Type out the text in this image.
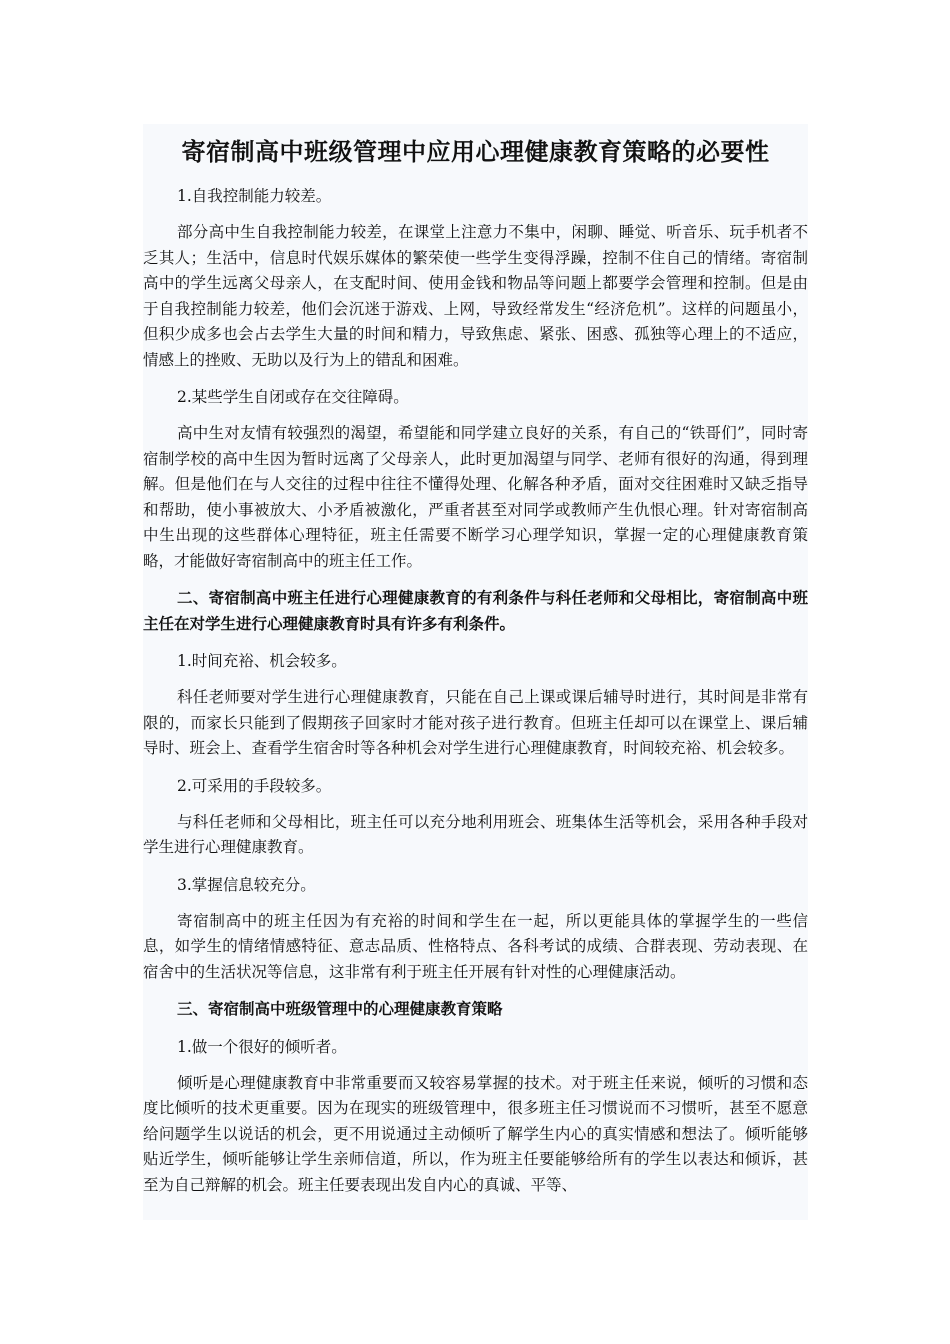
寄宿制高中班级管理中应用心理健康教育策略的必要性

1.自我控制能力较差。

部分高中生自我控制能力较差，在课堂上注意力不集中，闲聊、睡觉、听音乐、玩手机者不乏其人；生活中，信息时代娱乐媒体的繁荣使一些学生变得浮躁，控制不住自己的情绪。寄宿制高中的学生远离父母亲人，在支配时间、使用金钱和物品等问题上都要学会管理和控制。但是由于自我控制能力较差，他们会沉迷于游戏、上网，导致经常发生“经济危机”。这样的问题虽小，但积少成多也会占去学生大量的时间和精力，导致焦虑、紧张、困惑、孤独等心理上的不适应，情感上的挫败、无助以及行为上的错乱和困难。

2.某些学生自闭或存在交往障碍。

高中生对友情有较强烈的渴望，希望能和同学建立良好的关系，有自己的“铁哥们”，同时寄宿制学校的高中生因为暂时远离了父母亲人，此时更加渴望与同学、老师有很好的沟通，得到理解。但是他们在与人交往的过程中往往不懂得处理、化解各种矛盾，面对交往困难时又缺乏指导和帮助，使小事被放大、小矛盾被激化，严重者甚至对同学或教师产生仇恨心理。针对寄宿制高中生出现的这些群体心理特征，班主任需要不断学习心理学知识，掌握一定的心理健康教育策略，才能做好寄宿制高中的班主任工作。

二、寄宿制高中班主任进行心理健康教育的有利条件与科任老师和父母相比，寄宿制高中班主任在对学生进行心理健康教育时具有许多有利条件。

1.时间充裕、机会较多。

科任老师要对学生进行心理健康教育，只能在自己上课或课后辅导时进行，其时间是非常有限的，而家长只能到了假期孩子回家时才能对孩子进行教育。但班主任却可以在课堂上、课后辅导时、班会上、查看学生宿舍时等各种机会对学生进行心理健康教育，时间较充裕、机会较多。

2.可采用的手段较多。

与科任老师和父母相比，班主任可以充分地利用班会、班集体生活等机会，采用各种手段对学生进行心理健康教育。

3.掌握信息较充分。

寄宿制高中的班主任因为有充裕的时间和学生在一起，所以更能具体的掌握学生的一些信息，如学生的情绪情感特征、意志品质、性格特点、各科考试的成绩、合群表现、劳动表现、在宿舍中的生活状况等信息，这非常有利于班主任开展有针对性的心理健康活动。

三、寄宿制高中班级管理中的心理健康教育策略

1.做一个很好的倾听者。

倾听是心理健康教育中非常重要而又较容易掌握的技术。对于班主任来说，倾听的习惯和态度比倾听的技术更重要。因为在现实的班级管理中，很多班主任习惯说而不习惯听，甚至不愿意给问题学生以说话的机会，更不用说通过主动倾听了解学生内心的真实情感和想法了。倾听能够贴近学生，倾听能够让学生亲师信道，所以，作为班主任要能够给所有的学生以表达和倾诉，甚至为自己辩解的机会。班主任要表现出发自内心的真诚、平等、
